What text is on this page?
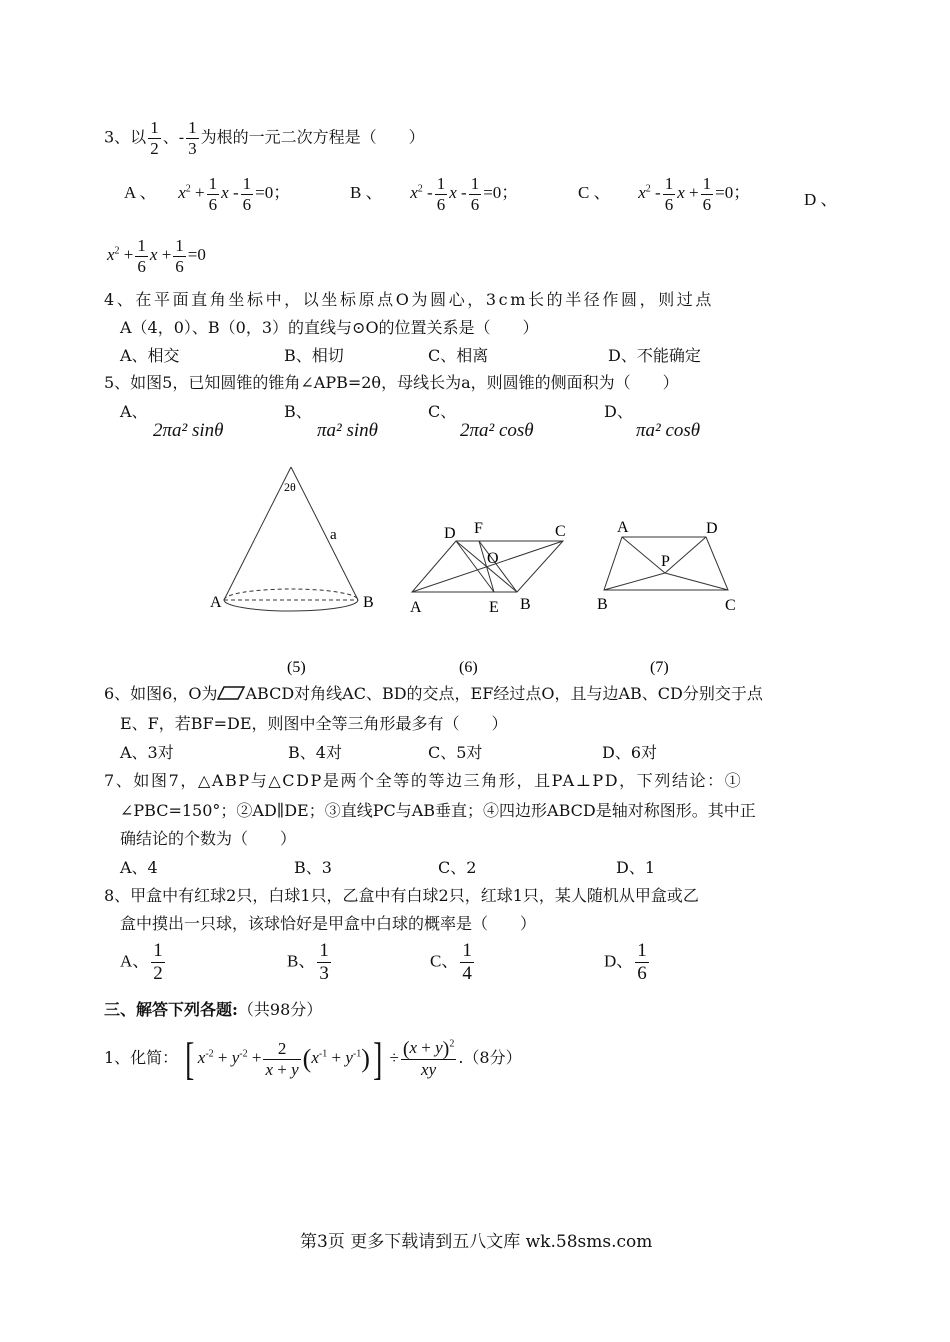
3、以 $\frac{1}{2}$ 、- $\frac{1}{3}$ 为根的一元二次方程是（　　）
A 、 $x^2 + \frac{1}{6}$ $x - \frac{1}{6} =0$；	B 、 $x^2 - \frac{1}{6}$ $x - \frac{1}{6} =0$；	C 、 $x^2 - \frac{1}{6}$ $x + \frac{1}{6} =0$；	D 、
$x^2 + \frac{1}{6}$ $x + \frac{1}{6} =0$
4、在平面直角坐标中，以坐标原点O为圆心，3cm长的半径作圆，则过点
A（4，0）、B（0，3）的直线与⊙O的位置关系是（　　）
A、相交	B、相切	C、相离	D、不能确定
5、如图5，已知圆锥的锥角∠APB=2θ，母线长为a，则圆锥的侧面积为（　　）
A、
2πa² sinθ
B、
πa² sinθ
C、
2πa² cosθ
D、
πa² cosθ
2θ
a
A	B
D F	C
O
A	E B
A	D
P
B	C
(5)	(6)	(7)
6、如图6，O为 ABCD对角线AC、BD的交点，EF经过点O，且与边AB、CD分别交于点
E、F，若BF=DE，则图中全等三角形最多有（　　）
A、3对	B、4对	C、5对	D、6对
7、如图7，△ABP与△CDP是两个全等的等边三角形，且PA⊥PD，下列结论：①
∠PBC=150°；②AD∥DE；③直线PC与AB垂直；④四边形ABCD是轴对称图形。其中正
确结论的个数为（　　）
A、4	B、3	C、2	D、1
8、甲盒中有红球2只，白球1只，乙盒中有白球2只，红球1只，某人随机从甲盒或乙
盒中摸出一只球，该球恰好是甲盒中白球的概率是（　　）
A、 $\frac{1}{2}$	B、 $\frac{1}{3}$	C、 $\frac{1}{4}$	D、 $\frac{1}{6}$
三、解答下列各题:（共98分）
1、化简： [ $x^{-2} + y^{-2} + \frac{2}{x + y} (x^{-1} + y^{-1})] \div \frac{(x + y)^2}{xy} .(8$分）
第3页 更多下载请到五八文库 wk.58sms.com
